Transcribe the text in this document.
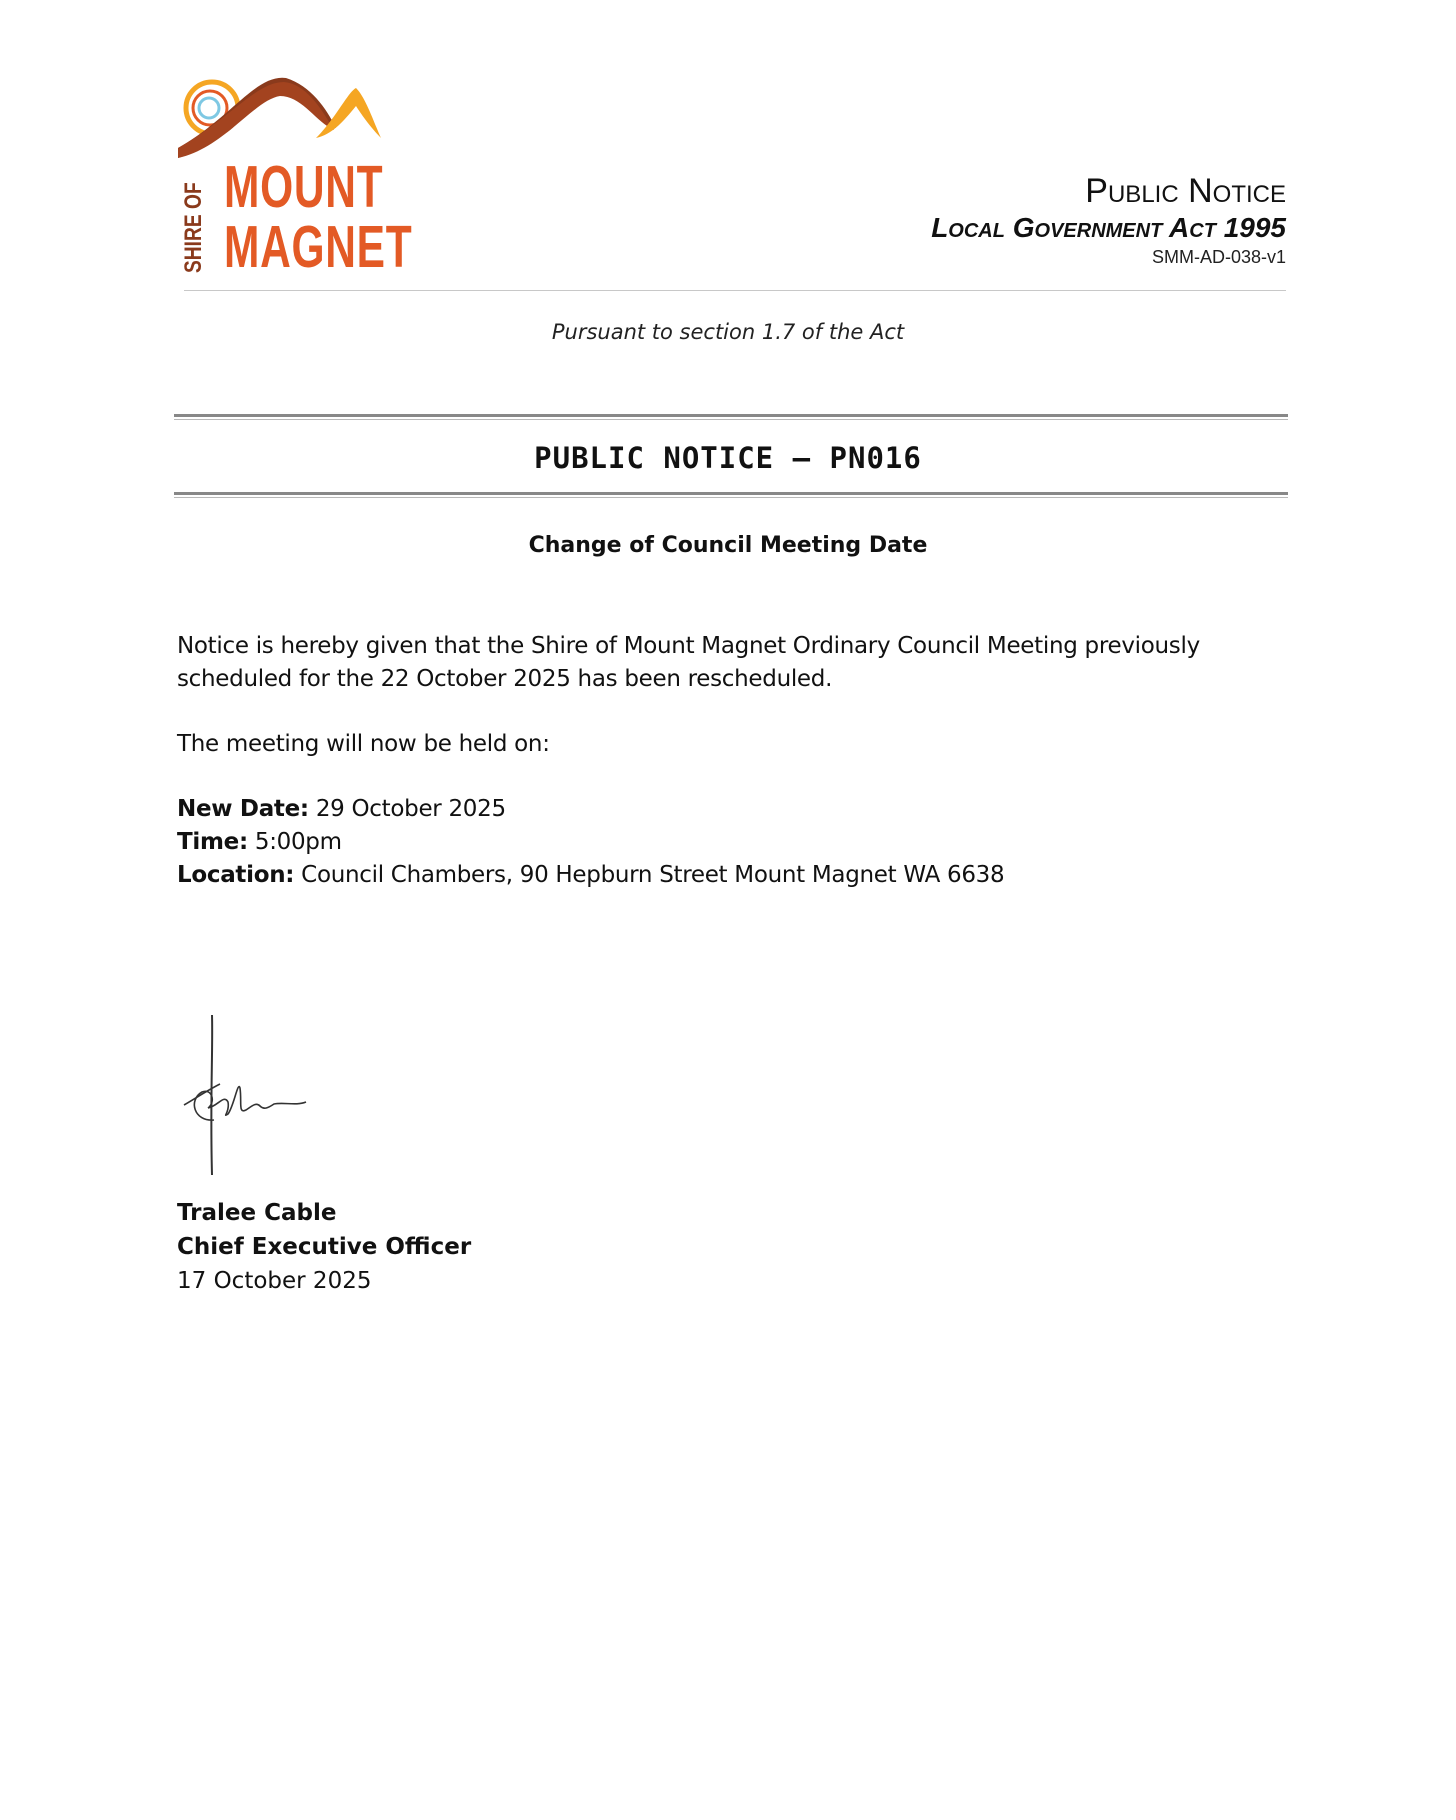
SHIRE OF MOUNT
MAGNET
Public Notice
Local Government Act 1995
SMM-AD-038-v1
Pursuant to section 1.7 of the Act
PUBLIC NOTICE – PN016
Change of Council Meeting Date
Notice is hereby given that the Shire of Mount Magnet Ordinary Council Meeting previously scheduled for the 22 October 2025 has been rescheduled.
The meeting will now be held on:
New Date: 29 October 2025
Time: 5:00pm
Location: Council Chambers, 90 Hepburn Street Mount Magnet WA 6638
Tralee Cable
Chief Executive Officer
17 October 2025
